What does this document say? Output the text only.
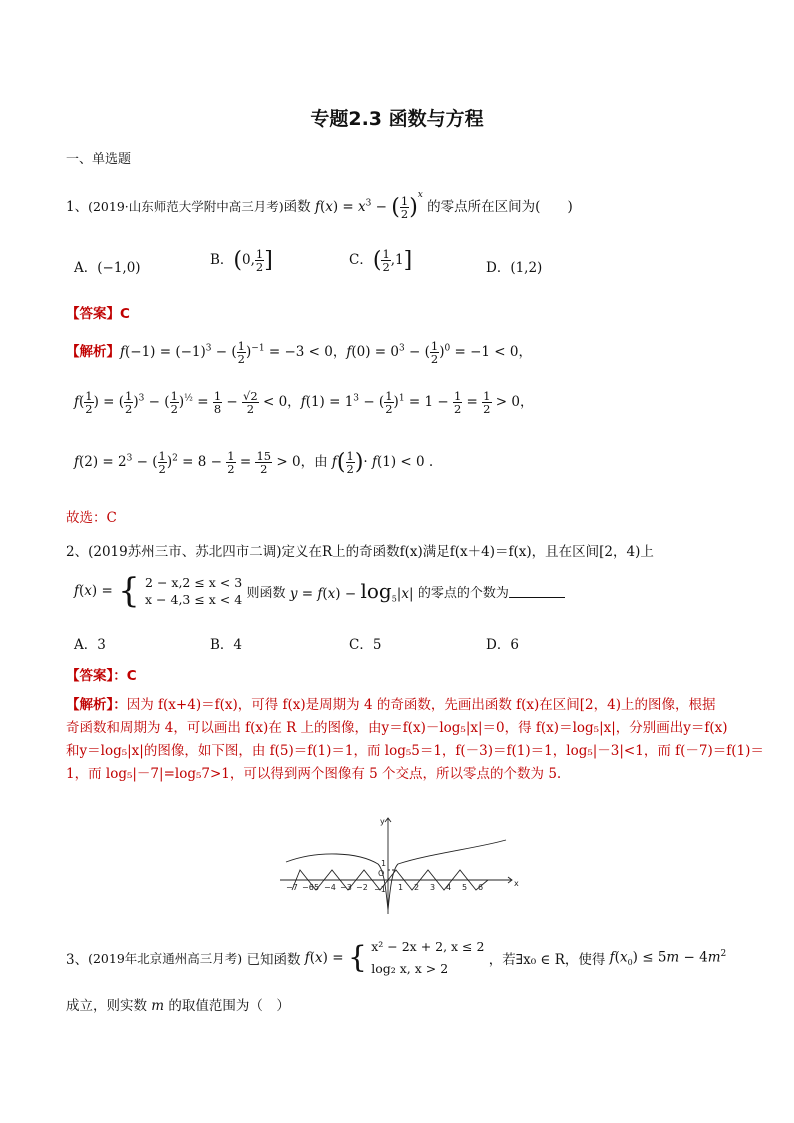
专题2.3 函数与方程
一、单选题
1、(2019·山东师范大学附中高三月考)函数 $f(x) = x^3$ − ( $\frac{1}{2} )^x$ 的零点所在区间为(　　)
A．(−1,0)	B．(0, $\frac{1}{2}$ ]	C．( $\frac{1}{2} ,1$]	D．(1,2)
【答案】C
【解析】$f(-1) = (-1)^3$ − ( $\frac{1}{2} )^{-1} = -3 < 0$，$f(0) = 0^3$ − ( $\frac{1}{2} )^0 = -1 < 0$，
$f( \frac{1}{2}$ ) = ( $\frac{1}{2} )^3$ − ( $\frac{1}{2} )^{\frac{1}{2}} = \frac{1}{8} - \frac{√2}{2} < 0$，$f(1) = 1^3$ − ( $\frac{1}{2} )^1 = 1 - \frac{1}{2} = \frac{1}{2} > 0$，
$f(2) = 2^3$ − ( $\frac{1}{2} )^2 = 8 - \frac{1}{2} = \frac{15}{2} > 0$，由 $f( \frac{1}{2}$ )· f(1) < 0 .
故选：C
2、(2019苏州三市、苏北四市二调)定义在R上的奇函数f(x)满足f(x＋4)＝f(x)，且在区间[2，4)上
f(x) = { 2 − x,2 ≤ x < 3
x − 4,3 ≤ x < 4 则函数 $y = f(x) - \log_5|x|$ 的零点的个数为
A．3	B．4	C．5	D．6
【答案】：C
【解析】：因为 f(x+4)＝f(x)，可得 f(x)是周期为 4 的奇函数，先画出函数 f(x)在区间[2，4)上的图像，根据
奇函数和周期为 4，可以画出 f(x)在 R 上的图像，由y＝f(x)－log₅|x|＝0，得 f(x)＝log₅|x|，分别画出y＝f(x)
和y＝log₅|x|的图像，如下图，由 f(5)＝f(1)＝1，而 log₅5＝1，f(－3)＝f(1)＝1，log₅|－3|<1，而 f(－7)＝f(1)＝
1，而 log₅|－7|=log₅7>1，可以得到两个图像有 5 个交点，所以零点的个数为 5.
x
y
O
1
−7 −6 5 −4 −3 −2 −1 1 2 3 4 5 6
3、(2019年北京通州高三月考) 已知函数 f(x) = { x² − 2x + 2, x ≤ 2
log₂ x, x > 2
，若∃x₀ ∈ R，使得 $f(x_0) \le 5m - 4m^2$
成立，则实数 m 的取值范围为（　）
